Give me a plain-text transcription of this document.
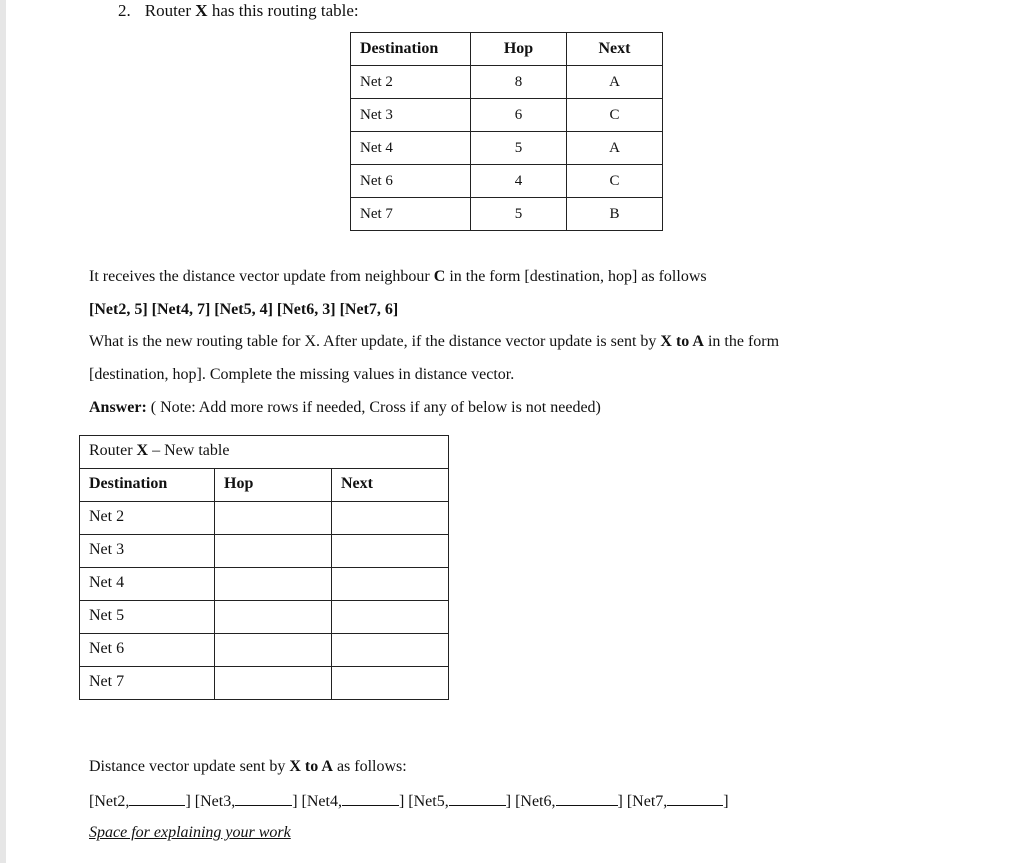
2. Router X has this routing table:
Destination	Hop	Next
Net 2	8	A
Net 3	6	C
Net 4	5	A
Net 6	4	C
Net 7	5	B
It receives the distance vector update from neighbour C in the form [destination, hop] as follows
[Net2, 5] [Net4, 7] [Net5, 4] [Net6, 3] [Net7, 6]
What is the new routing table for X. After update, if the distance vector update is sent by X to A in the form
[destination, hop]. Complete the missing values in distance vector.
Answer: ( Note: Add more rows if needed, Cross if any of below is not needed)
Router X – New table		
Destination	Hop	Next
Net 2		
Net 3		
Net 4		
Net 5		
Net 6		
Net 7		
Distance vector update sent by X to A as follows:
[Net2,	] [Net3,	] [Net4,	] [Net5,	] [Net6,	] [Net7,	]
Space for explaining your work
